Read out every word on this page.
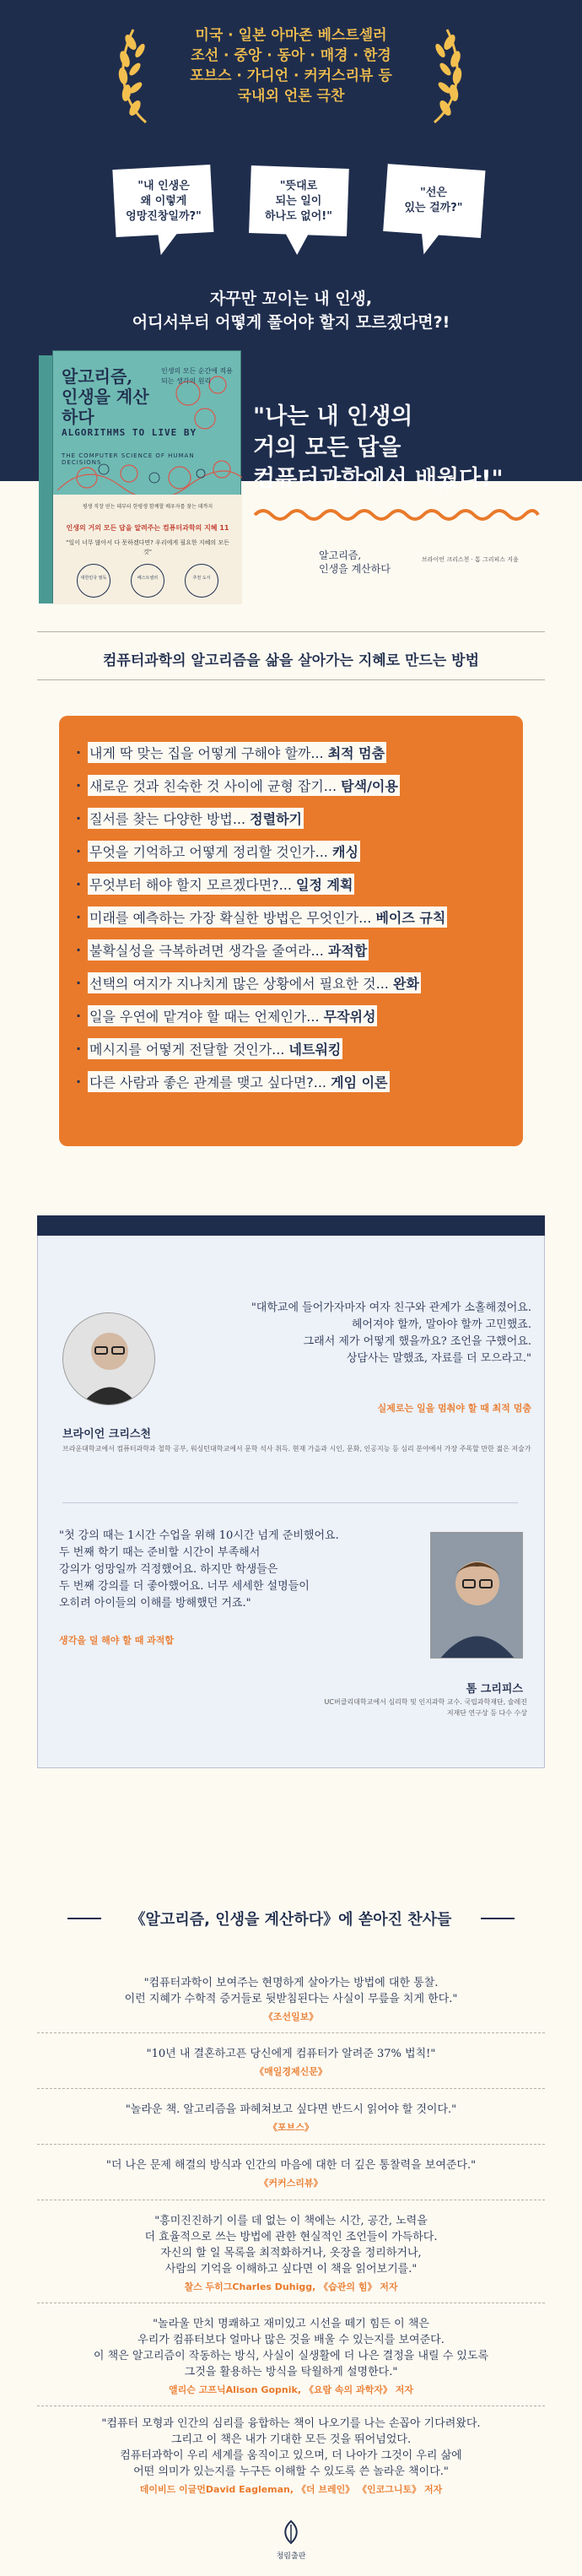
미국 · 일본 아마존 베스트셀러
조선 · 중앙 · 동아 · 매경 · 한경
포브스 · 가디언 · 커커스리뷰 등
국내외 언론 극찬
"내 인생은
왜 이렇게
엉망진창일까?"
"뜻대로
되는 일이
하나도 없어!"
"선은
있는 걸까?"
자꾸만 꼬이는 내 인생,
어디서부터 어떻게 풀어야 할지 모르겠다면?!
알고리즘,
인생을 계산하다
인생의 모든 순간에 적용되는 생각의 원리
ALGORITHMS TO LIVE BY
THE COMPUTER SCIENCE OF HUMAN DECISIONS
평생 직장 얻는 데부터 한평생 함께할 배우자를 찾는 데까지
인생의 거의 모든 답을 알려주는 컴퓨터과학의 지혜 11
"일이 너무 많아서 다 못하겠다면? 우리에게 필요한 지혜의 모든 것"
대한민국 필독	베스트셀러	추천 도서
"나는 내 인생의
거의 모든 답을
컴퓨터과학에서 배웠다!"
알고리즘,
인생을 계산하다
브라이언 크리스천 · 톰 그리피스 지음
컴퓨터과학의 알고리즘을 삶을 살아가는 지혜로 만드는 방법
· 내게 딱 맞는 집을 어떻게 구해야 할까... 최적 멈춤
· 새로운 것과 친숙한 것 사이에 균형 잡기... 탐색/이용
· 질서를 찾는 다양한 방법... 정렬하기
· 무엇을 기억하고 어떻게 정리할 것인가... 캐싱
· 무엇부터 해야 할지 모르겠다면?... 일정 계획
· 미래를 예측하는 가장 확실한 방법은 무엇인가... 베이즈 규칙
· 불확실성을 극복하려면 생각을 줄여라... 과적합
· 선택의 여지가 지나치게 많은 상황에서 필요한 것... 완화
· 일을 우연에 맡겨야 할 때는 언제인가... 무작위성
· 메시지를 어떻게 전달할 것인가... 네트워킹
· 다른 사람과 좋은 관계를 맺고 싶다면?... 게임 이론
"대학교에 들어가자마자 여자 친구와 관계가 소홀해졌어요.
헤어져야 할까, 말아야 할까 고민했죠.
그래서 제가 어떻게 했을까요? 조언을 구했어요.
상담사는 말했죠, 자료를 더 모으라고."
실제로는 일을 멈춰야 할 때 최적 멈춤
브라이언 크리스천
브라운대학교에서 컴퓨터과학과 철학 공부, 워싱턴대학교에서 문학 석사 취득. 현재 가을과 시인, 문화, 인공지능 등 심리 분야에서 가장 주목할 만한 젊은 저술가
"첫 강의 때는 1시간 수업을 위해 10시간 넘게 준비했어요.
두 번째 학기 때는 준비할 시간이 부족해서
강의가 엉망일까 걱정했어요. 하지만 학생들은
두 번째 강의를 더 좋아했어요. 너무 세세한 설명들이
오히려 아이들의 이해를 방해했던 거죠."
생각을 덜 해야 할 때 과적합
톰 그리피스
UC버클리대학교에서 심리학 및 인지과학 교수. 국립과학재단, 슐레진저재단 연구상 등 다수 수상
《알고리즘, 인생을 계산하다》에 쏟아진 찬사들
"컴퓨터과학이 보여주는 현명하게 살아가는 방법에 대한 통찰.
이런 지혜가 수학적 증거들로 뒷받침된다는 사실이 무릎을 치게 한다."
《조선일보》
"10년 내 결혼하고픈 당신에게 컴퓨터가 알려준 37% 법칙!"
《매일경제신문》
"놀라운 책. 알고리즘을 파헤쳐보고 싶다면 반드시 읽어야 할 것이다."
《포브스》
"더 나은 문제 해결의 방식과 인간의 마음에 대한 더 깊은 통찰력을 보여준다."
《커커스리뷰》
"흥미진진하기 이를 데 없는 이 책에는 시간, 공간, 노력을
더 효율적으로 쓰는 방법에 관한 현실적인 조언들이 가득하다.
자신의 할 일 목록을 최적화하거나, 옷장을 정리하거나,
사람의 기억을 이해하고 싶다면 이 책을 읽어보기를."
찰스 두히그Charles Duhigg, 《습관의 힘》 저자
"놀라울 만치 명쾌하고 재미있고 시선을 떼기 힘든 이 책은
우리가 컴퓨터보다 얼마나 많은 것을 배울 수 있는지를 보여준다.
이 책은 알고리즘이 작동하는 방식, 사실이 실생활에 더 나은 결정을 내릴 수 있도록
그것을 활용하는 방식을 탁월하게 설명한다."
앨리슨 고프닉Alison Gopnik, 《요람 속의 과학자》 저자
"컴퓨터 모형과 인간의 심리를 융합하는 책이 나오기를 나는 손꼽아 기다려왔다.
그리고 이 책은 내가 기대한 모든 것을 뛰어넘었다.
컴퓨터과학이 우리 세계를 움직이고 있으며, 더 나아가 그것이 우리 삶에
어떤 의미가 있는지를 누구든 이해할 수 있도록 쓴 놀라운 책이다."
데이비드 이글먼David Eagleman, 《더 브레인》 《인코그니토》 저자
청림출판
